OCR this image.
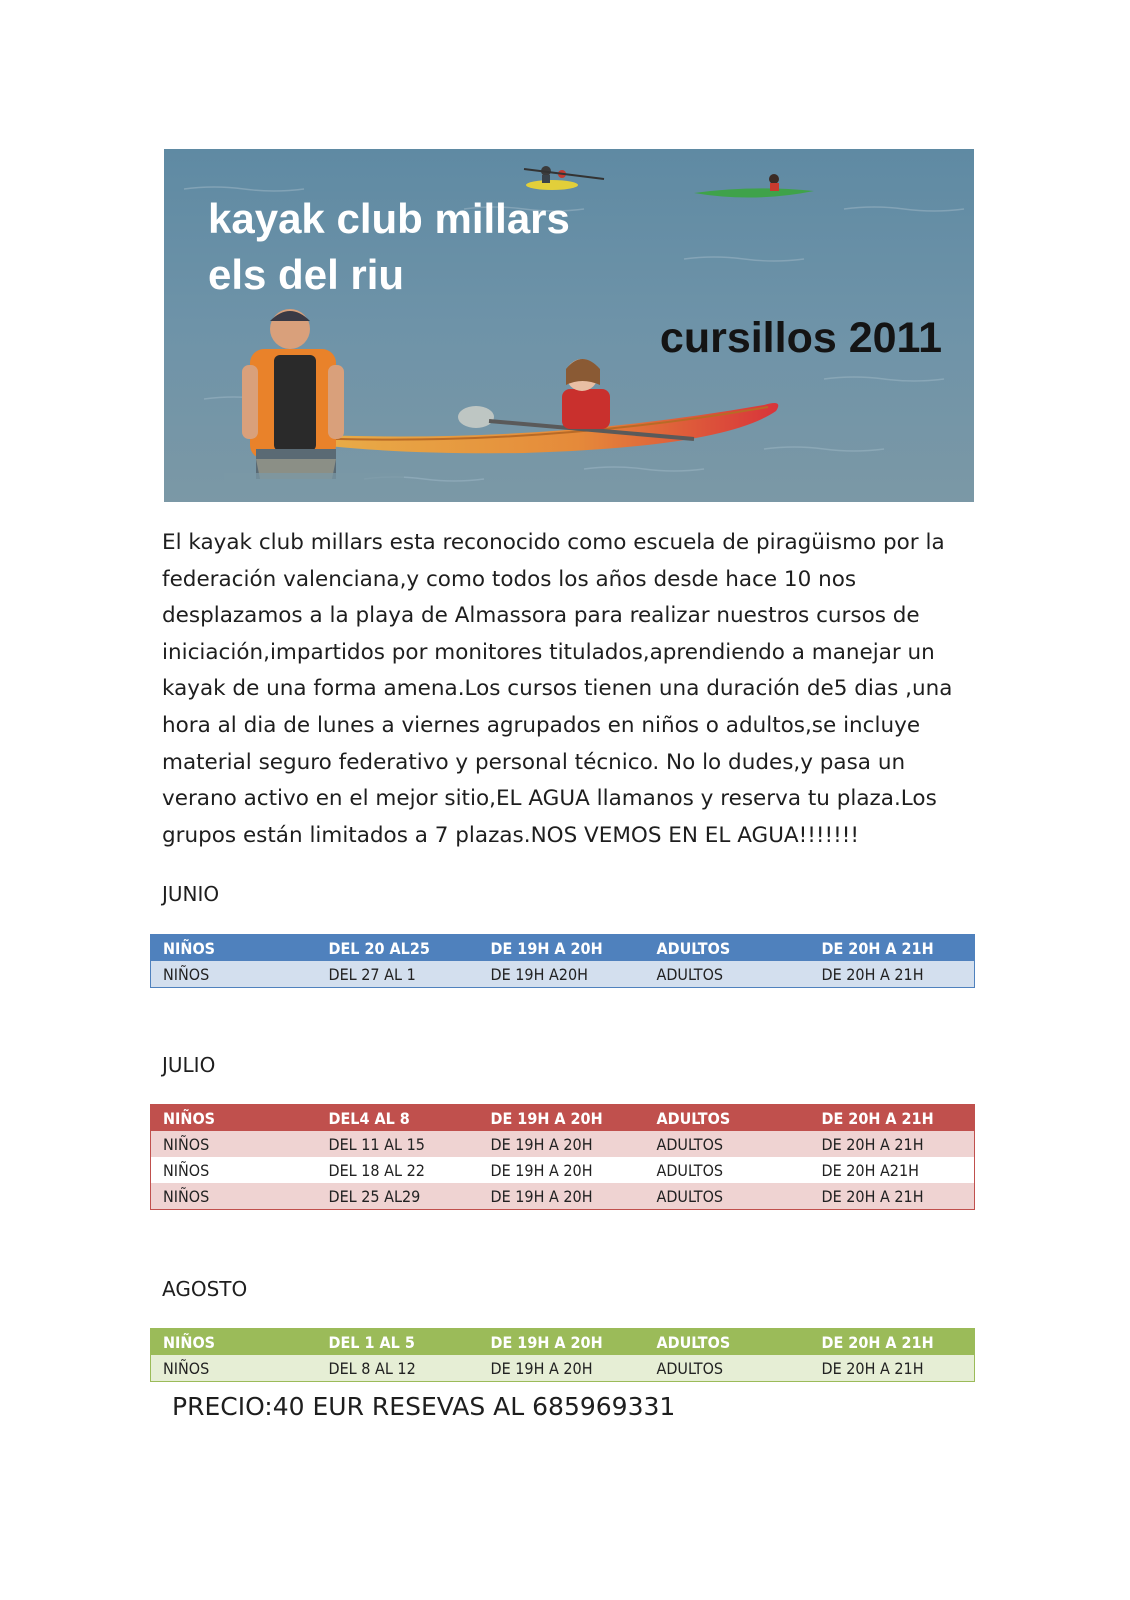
kayak club millars
els del riu
cursillos 2011

El kayak club millars esta reconocido como escuela de piragüismo por la
federación valenciana,y como todos los años desde hace 10 nos
desplazamos a la playa de Almassora para realizar nuestros cursos de
iniciación,impartidos por monitores titulados,aprendiendo a manejar un
kayak de una forma amena.Los cursos tienen una duración de5 dias ,una
hora al dia de lunes a viernes agrupados en niños o adultos,se incluye
material seguro federativo y personal técnico. No lo dudes,y pasa un
verano activo en el mejor sitio,EL AGUA llamanos y reserva tu plaza.Los
grupos están limitados a 7 plazas.NOS VEMOS EN EL AGUA!!!!!!!

JUNIO
NIÑOS	DEL 20 AL25	DE 19H A 20H	ADULTOS	DE 20H A 21H
NIÑOS	DEL 27 AL 1	DE 19H A20H	ADULTOS	DE 20H A 21H
JULIO
NIÑOS	DEL4 AL 8	DE 19H A 20H	ADULTOS	DE 20H A 21H
NIÑOS	DEL 11 AL 15	DE 19H A 20H	ADULTOS	DE 20H A 21H
NIÑOS	DEL 18 AL 22	DE 19H A 20H	ADULTOS	DE 20H A21H
NIÑOS	DEL 25 AL29	DE 19H A 20H	ADULTOS	DE 20H A 21H
AGOSTO
NIÑOS	DEL 1 AL 5	DE 19H A 20H	ADULTOS	DE 20H A 21H
NIÑOS	DEL 8 AL 12	DE 19H A 20H	ADULTOS	DE 20H A 21H
PRECIO:40 EUR RESEVAS AL 685969331
